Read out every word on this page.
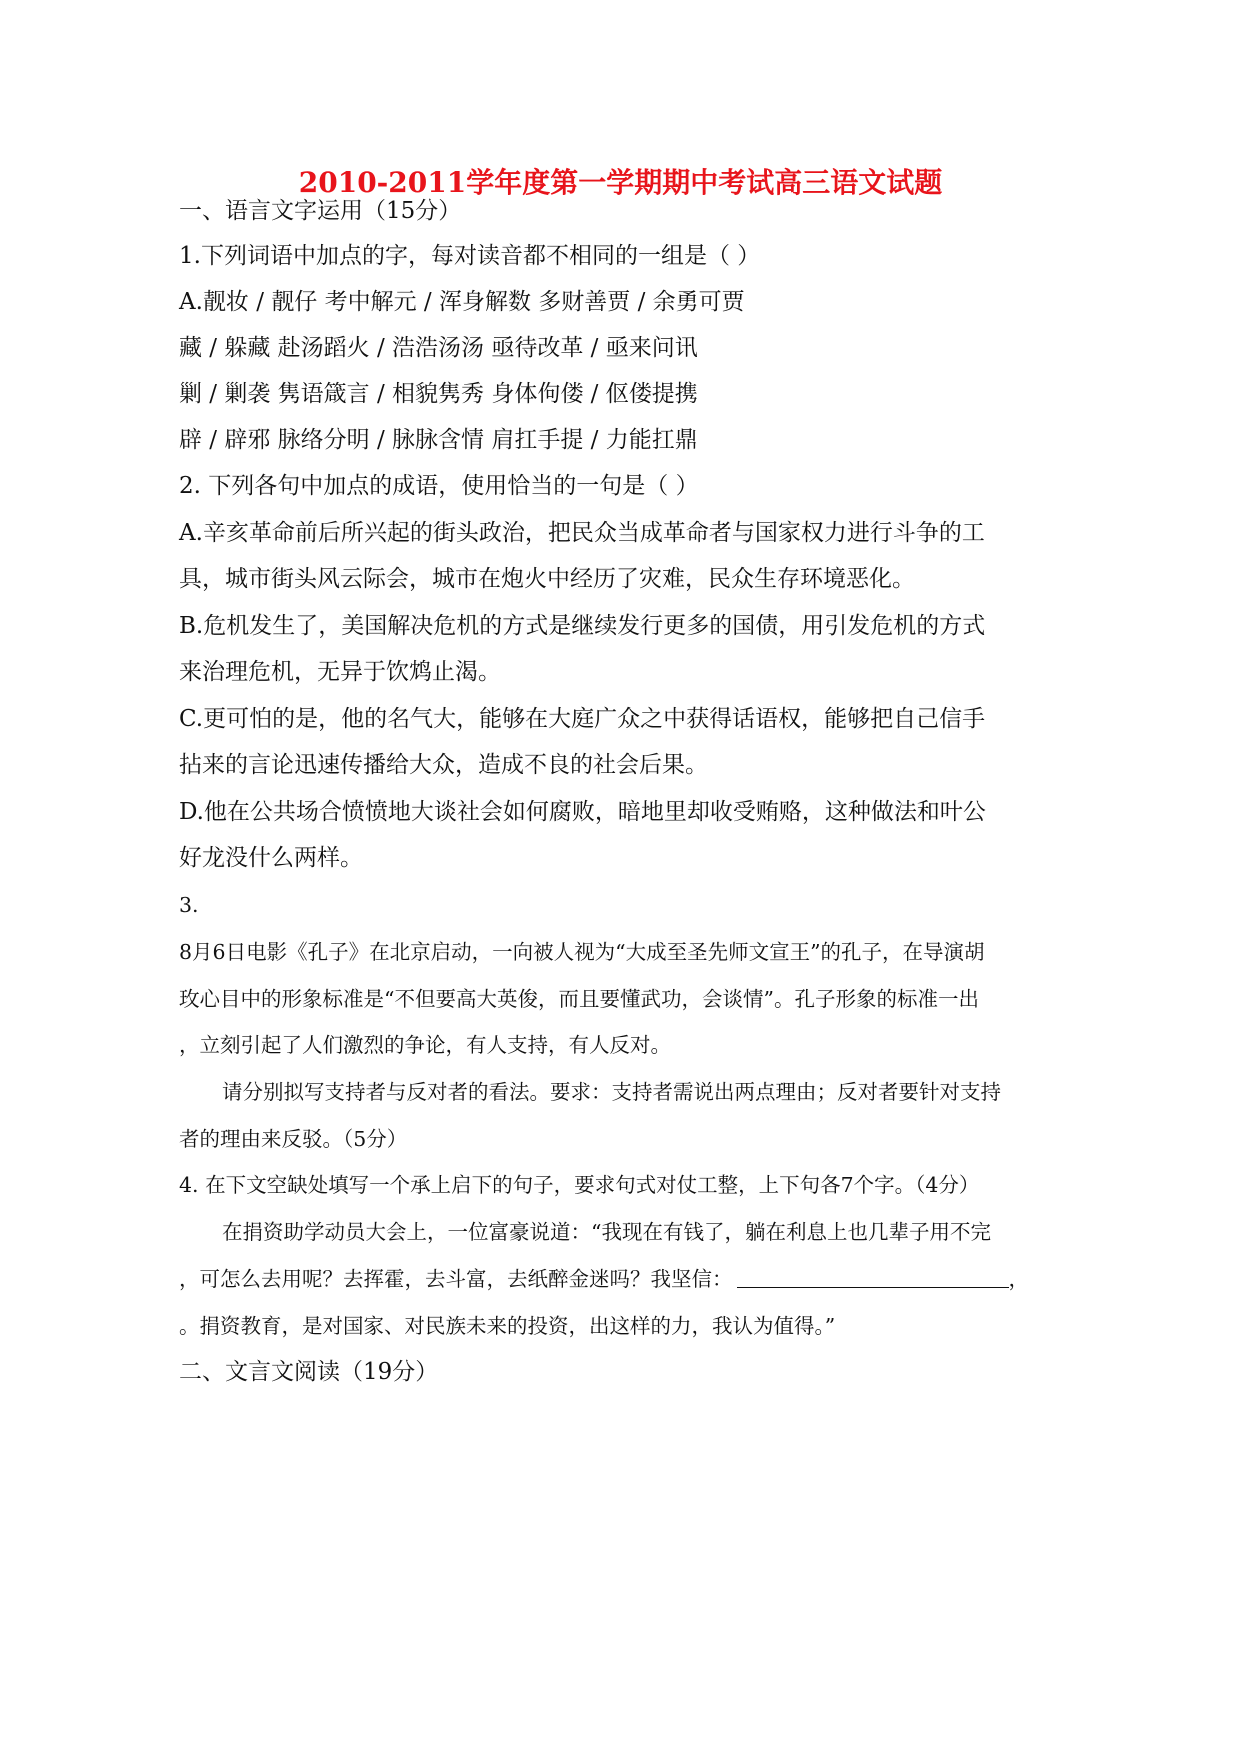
2010-2011学年度第一学期期中考试高三语文试题
一、语言文字运用（15分）
1.下列词语中加点的字，每对读音都不相同的一组是（ ）
A.靓妆 / 靓仔 考中解元 / 浑身解数 多财善贾 / 余勇可贾
藏 / 躲藏 赴汤蹈火 / 浩浩汤汤 亟待改革 / 亟来问讯
剿 / 剿袭 隽语箴言 / 相貌隽秀 身体佝偻 / 伛偻提携
辟 / 辟邪 脉络分明 / 脉脉含情 肩扛手提 / 力能扛鼎
2. 下列各句中加点的成语，使用恰当的一句是（ ）
A.辛亥革命前后所兴起的街头政治，把民众当成革命者与国家权力进行斗争的工
具，城市街头风云际会，城市在炮火中经历了灾难，民众生存环境恶化。
B.危机发生了，美国解决危机的方式是继续发行更多的国债，用引发危机的方式
来治理危机，无异于饮鸩止渴。
C.更可怕的是，他的名气大，能够在大庭广众之中获得话语权，能够把自己信手
拈来的言论迅速传播给大众，造成不良的社会后果。
D.他在公共场合愤愤地大谈社会如何腐败，暗地里却收受贿赂，这种做法和叶公
好龙没什么两样。
3.
8月6日电影《孔子》在北京启动，一向被人视为“大成至圣先师文宣王”的孔子，在导演胡
玫心目中的形象标准是“不但要高大英俊，而且要懂武功，会谈情”。孔子形象的标准一出
，立刻引起了人们激烈的争论，有人支持，有人反对。
请分别拟写支持者与反对者的看法。要求：支持者需说出两点理由；反对者要针对支持
者的理由来反驳。（5分）
4. 在下文空缺处填写一个承上启下的句子，要求句式对仗工整，上下句各7个字。（4分）
在捐资助学动员大会上，一位富豪说道：“我现在有钱了，躺在利息上也几辈子用不完
，可怎么去用呢？去挥霍，去斗富，去纸醉金迷吗？我坚信：	，
。捐资教育，是对国家、对民族未来的投资，出这样的力，我认为值得。”
二、文言文阅读（19分）
